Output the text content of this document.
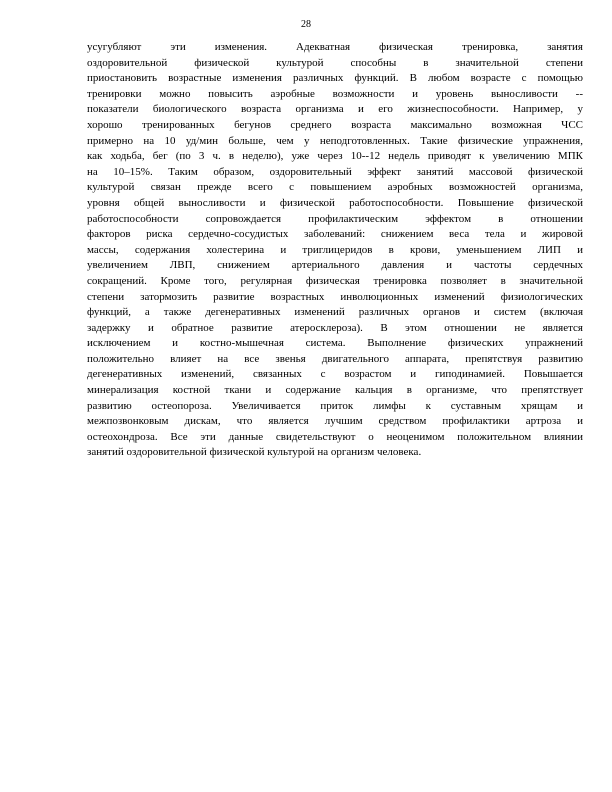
28
усугубляют эти изменения. Адекватная физическая тренировка, занятия
оздоровительной физической культурой способны в значительной степени
приостановить возрастные изменения различных функций. В любом возрасте с помощью
тренировки можно повысить аэробные возможности и уровень выносливости --
показатели биологического возраста организма и его жизнеспособности. Например, у
хорошо тренированных бегунов среднего возраста максимально возможная ЧСС
примерно на 10 уд/мин больше, чем у неподготовленных. Такие физические упражнения,
как ходьба, бег (по 3 ч. в неделю), уже через 10--12 недель приводят к увеличению МПК
на 10–15%. Таким образом, оздоровительный эффект занятий массовой физической
культурой связан прежде всего с повышением аэробных возможностей организма,
уровня общей выносливости и физической работоспособности. Повышение физической
работоспособности сопровождается профилактическим эффектом в отношении
факторов риска сердечно-сосудистых заболеваний: снижением веса тела и жировой
массы, содержания холестерина и триглицеридов в крови, уменьшением ЛИП и
увеличением ЛВП, снижением артериального давления и частоты сердечных
сокращений. Кроме того, регулярная физическая тренировка позволяет в значительной
степени затормозить развитие возрастных инволюционных изменений физиологических
функций, а также дегенеративных изменений различных органов и систем (включая
задержку и обратное развитие атеросклероза). В этом отношении не является
исключением и костно-мышечная система. Выполнение физических упражнений
положительно влияет на все звенья двигательного аппарата, препятствуя развитию
дегенеративных изменений, связанных с возрастом и гиподинамией. Повышается
минерализация костной ткани и содержание кальция в организме, что препятствует
развитию остеопороза. Увеличивается приток лимфы к суставным хрящам и
межпозвонковым дискам, что является лучшим средством профилактики артроза и
остеохондроза. Все эти данные свидетельствуют о неоценимом положительном влиянии
занятий оздоровительной физической культурой на организм человека.
